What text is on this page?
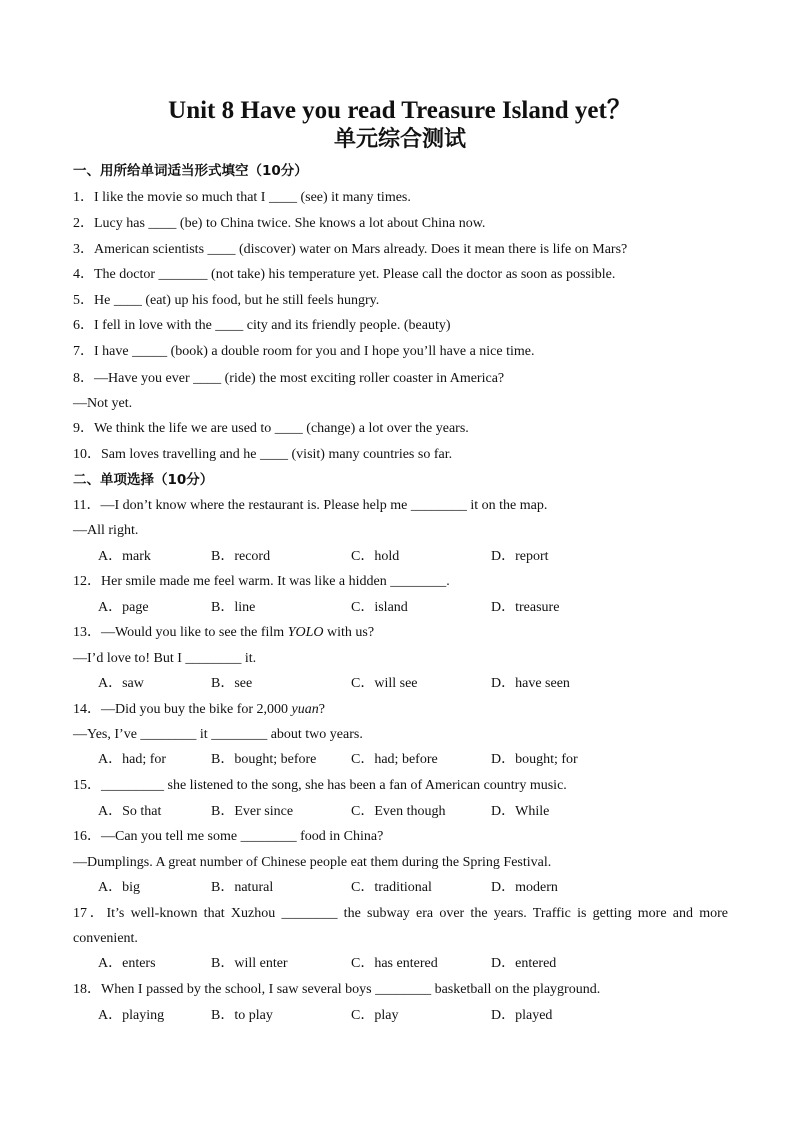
Unit 8 Have you read Treasure Island yet？
单元综合测试
一、用所给单词适当形式填空（10分）
1．I like the movie so much that I ____ (see) it many times.
2．Lucy has ____ (be) to China twice. She knows a lot about China now.
3．American scientists ____ (discover) water on Mars already. Does it mean there is life on Mars?
4．The doctor _______ (not take) his temperature yet. Please call the doctor as soon as possible.
5．He ____ (eat) up his food, but he still feels hungry.
6．I fell in love with the ____ city and its friendly people. (beauty)
7．I have _____ (book) a double room for you and I hope you’ll have a nice time.
8．—Have you ever ____ (ride) the most exciting roller coaster in America?
—Not yet.
9．We think the life we are used to ____ (change) a lot over the years.
10．Sam loves travelling and he ____ (visit) many countries so far.
二、单项选择（10分）
11．—I don’t know where the restaurant is. Please help me ________ it on the map.
—All right.
A．mark	B．record	C．hold	D．report
12．Her smile made me feel warm. It was like a hidden ________.
A．page	B．line	C．island	D．treasure
13．—Would you like to see the film YOLO with us?
—I’d love to! But I ________ it.
A．saw	B．see	C．will see	D．have seen
14．—Did you buy the bike for 2,000 yuan?
—Yes, I’ve ________ it ________ about two years.
A．had; for	B．bought; before C．had; before	D．bought; for
15．_________ she listened to the song, she has been a fan of American country music.
A．So that	B．Ever since	C．Even though	D．While
16．—Can you tell me some ________ food in China?
—Dumplings. A great number of Chinese people eat them during the Spring Festival.
A．big	B．natural	C．traditional	D．modern
17．It’s well-known that Xuzhou ________ the subway era over the years. Traffic is getting more and more
convenient.
A．enters	B．will enter	C．has entered	D．entered
18．When I passed by the school, I saw several boys ________ basketball on the playground.
A．playing	B．to play	C．play	D．played
